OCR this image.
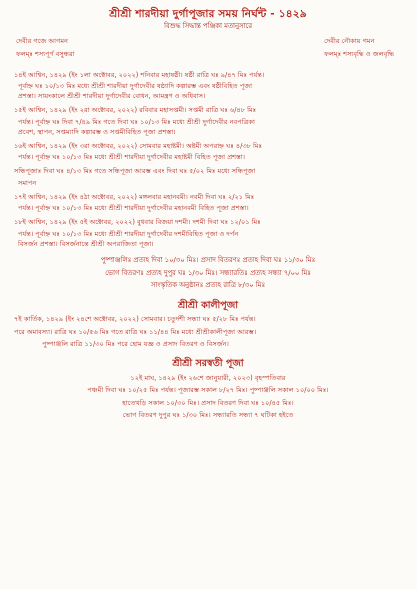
শ্রীশ্রী শারদীয়া দুর্গাপূজার সময় নির্ঘন্ট - ১৪২৯
বিশুদ্ধ সিদ্ধান্ত পঞ্জিকা মতানুসারে
দেবীর গজে আগমন
ফলম্‌ঃ শস্যপূর্ণ বসুন্ধরা
দেবীর নৌকায় গমন
ফলম্‌ঃ শস্যবৃদ্ধি ও জলবৃদ্ধি

১৪ই আশ্বিন, ১৪২৯ (ইং ১লা অক্টোবর, ২০২২) শনিবার মহাষষ্ঠী। ষষ্ঠী রাত্রি ঘঃ ৯/৪৭ মিঃ পর্যন্ত।

পূর্বাহ্ন ঘঃ ১০/১৩ মিঃ মধ্যে শ্রীশ্রী শারদীয়া দুর্গাদেবীর ষষ্ঠ্যাদি কল্পারম্ভ এবং ষষ্ঠীবিহিত পূজা

প্রশস্তা। সায়ংকালে শ্রীশ্রী শারদীয়া দুর্গাদেবীর বোধন, আমন্ত্রণ ও অধিবাস।

১৫ই আশ্বিন, ১৪২৯ (ইং ২রা অক্টোবর, ২০২২) রবিবার মহাসপ্তমী। সপ্তমী রাত্রি ঘঃ ৬/৪৮ মিঃ

পর্যন্ত। পূর্বাহ্ন ঘঃ দিবা ৭/৪৯ মিঃ গতে দিবা ঘঃ ১০/১৩ মিঃ মধ্যে শ্রীশ্রী দুর্গাদেবীর নবপত্রিকা

প্রবেশ, স্থাপন, সপ্তম্যাদি কল্পারম্ভ ও সপ্তমীবিহিত পূজা প্রশস্তা।

১৬ই আশ্বিন, ১৪২৯ (ইং ৩রা অক্টোবর, ২০২২) সোমবার মহাষ্টমী। অষ্টমী অপরাহ্ন ঘঃ ৪/৩৮ মিঃ

পর্যন্ত। পূর্বাহ্ন ঘঃ ১০/১৩ মিঃ মধ্যে শ্রীশ্রী শারদীয়া দুর্গাদেবীর মহাষ্টমী বিহিত পূজা প্রশস্তা।

সন্ধিপূজাঃ দিবা ঘঃ ৪/১৩ মিঃ গতে সন্ধিপূজা আরম্ভ এবং দিবা ঘঃ ৫/০২ মিঃ মধ্যে সন্ধিপূজা

সমাপন

১৭ই আশ্বিন, ১৪২৯ (ইং ৪ঠা অক্টোবর, ২০২২) মঙ্গলবার মহানবমী। নবমী দিবা ঘঃ ২/২১ মিঃ

পর্যন্ত। পূর্বাহ্ন ঘঃ ১০/১৩ মিঃ মধ্যে শ্রীশ্রী শারদীয়া দুর্গাদেবীর মহানবমী বিহিত পূজা প্রশস্তা।

১৮ই আশ্বিন, ১৪২৯ (ইং ৫ই অক্টোবর, ২০২২) বুধবার বিজয়া দশমী। দশমী দিবা ঘঃ ১২/০১ মিঃ

পর্যন্ত। পূর্বাহ্ন ঘঃ ১০/১৩ মিঃ মধ্যে শ্রীশ্রী শারদীয়া দুর্গাদেবীর দশমীবিহিত পূজা ও দর্পন

বিসর্জন প্রশস্তা। বিসর্জনান্তে শ্রীশ্রী অপরাজিতা পূজা।

পুষ্পাঞ্জলিঃ প্রত্যহ দিবা ১০/৩০ মিঃ। প্রসাদ বিতরণঃ প্রত্যহ দিবা ঘঃ ১১/৩০ মিঃ
ভোগ বিতরণঃ প্রত্যহ দুপুর ঘঃ ১/৩০ মিঃ। সন্ধ্যারতিঃ প্রত্যহ সন্ধ্যা ৭/০০ মিঃ
সাংস্কৃতিক অনুষ্ঠানঃ প্রত্যহ রাত্রি ৮/৩০ মিঃ
শ্রীশ্রী কালীপূজা

৭ই কার্তিক, ১৪২৯ (ইং ২৪শে অক্টোবর, ২০২২) সোমবার। চতুর্দশী সন্ধ্যা ঘঃ ৫/২৮ মিঃ পর্যন্ত।

পরে অমাবস্যা। রাত্রি ঘঃ ১০/৫৬ মিঃ গতে রাত্রি ঘঃ ১১/৪৪ মিঃ মধ্যে শ্রীশ্রীকালীপূজা আরম্ভ।

পুষ্পাঞ্জলি রাত্রি ১১/৩০ মিঃ পরে হোম যজ্ঞ ও প্রসাদ বিতরণ ও বিসর্জন।

শ্রীশ্রী সরস্বতী পূজা

১২ই মাঘ, ১৪২৯ (ইং ২৬শে জানুয়ারী, ২০২৩) বৃহস্পতিবার

পঞ্চমী দিবা ঘঃ ১০/২৫ মিঃ পর্যন্ত। পূজারম্ভ সকাল ৮/২৭ মিঃ। পুষ্পাঞ্জলি সকাল ১০/০০ মিঃ।

হাতেখড়ি সকাল ১০/৩০ মিঃ। প্রসাদ বিতরণ দিবা ঘঃ ১০/৪৫ মিঃ।

ভোগ বিতরণ দুপুর ঘঃ ১/৩০ মিঃ। সন্ধ্যারতি সন্ধ্যা ৭ ঘটিকা হইতে
